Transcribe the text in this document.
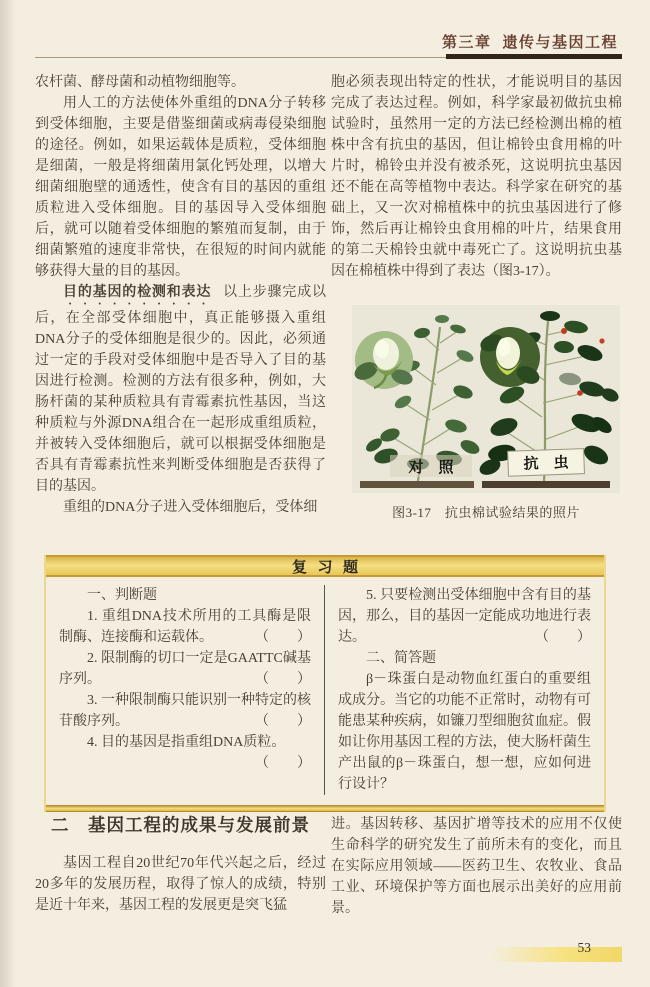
第三章 遗传与基因工程

农杆菌、酵母菌和动植物细胞等。

用人工的方法使体外重组的DNA分子转移到受体细胞，主要是借鉴细菌或病毒侵染细胞的途径。例如，如果运载体是质粒，受体细胞是细菌，一般是将细菌用氯化钙处理，以增大细菌细胞壁的通透性，使含有目的基因的重组质粒进入受体细胞。目的基因导入受体细胞后，就可以随着受体细胞的繁殖而复制，由于细菌繁殖的速度非常快，在很短的时间内就能够获得大量的目的基因。

目的基因的检测和表达 以上步骤完成以后，在全部受体细胞中，真正能够摄入重组DNA分子的受体细胞是很少的。因此，必须通过一定的手段对受体细胞中是否导入了目的基因进行检测。检测的方法有很多种，例如，大肠杆菌的某种质粒具有青霉素抗性基因，当这种质粒与外源DNA组合在一起形成重组质粒，并被转入受体细胞后，就可以根据受体细胞是否具有青霉素抗性来判断受体细胞是否获得了目的基因。

重组的DNA分子进入受体细胞后，受体细

胞必须表现出特定的性状，才能说明目的基因完成了表达过程。例如，科学家最初做抗虫棉试验时，虽然用一定的方法已经检测出棉的植株中含有抗虫的基因，但让棉铃虫食用棉的叶片时，棉铃虫并没有被杀死，这说明抗虫基因还不能在高等植物中表达。科学家在研究的基础上，又一次对棉植株中的抗虫基因进行了修饰，然后再让棉铃虫食用棉的叶片，结果食用的第二天棉铃虫就中毒死亡了。这说明抗虫基因在棉植株中得到了表达（图3-17）。

对　照	抗　虫
图3-17　抗虫棉试验结果的照片
复习题

一、判断题

1. 重组DNA技术所用的工具酶是限制酶、连接酶和运载体。	（　　）

2. 限制酶的切口一定是GAATTC碱基序列。	（　　）

3. 一种限制酶只能识别一种特定的核苷酸序列。	（　　）

4. 目的基因是指重组DNA质粒。
（　　）

5. 只要检测出受体细胞中含有目的基因，那么，目的基因一定能成功地进行表达。	（　　）

二、简答题

β－珠蛋白是动物血红蛋白的重要组成成分。当它的功能不正常时，动物有可能患某种疾病，如镰刀型细胞贫血症。假如让你用基因工程的方法，使大肠杆菌生产出鼠的β－珠蛋白，想一想，应如何进行设计？

二　基因工程的成果与发展前景

基因工程自20世纪70年代兴起之后，经过20多年的发展历程，取得了惊人的成绩，特别是近十年来，基因工程的发展更是突飞猛

进。基因转移、基因扩增等技术的应用不仅使生命科学的研究发生了前所未有的变化，而且在实际应用领域——医药卫生、农牧业、食品工业、环境保护等方面也展示出美好的应用前景。

53
